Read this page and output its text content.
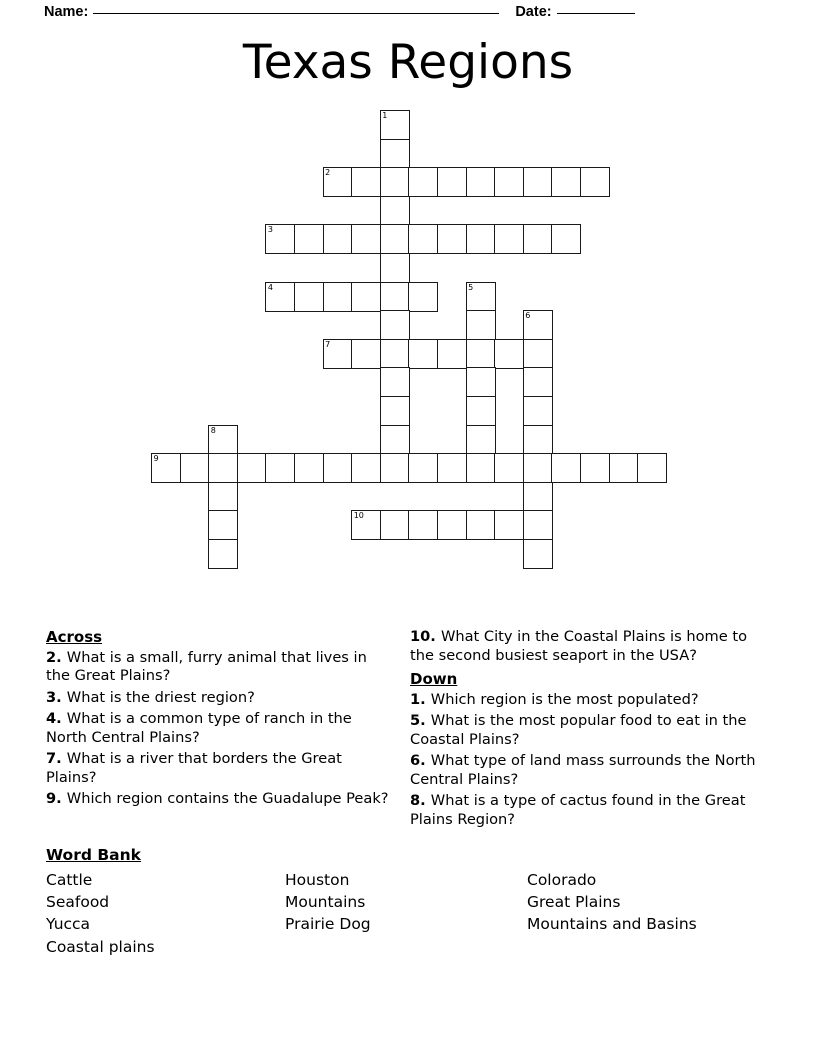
Name:	Date:
Texas Regions
1
2
3
4	5
6
7
8
9
10
Across

2. What is a small, furry animal that lives in the Great Plains?

3. What is the driest region?

4. What is a common type of ranch in the North Central Plains?

7. What is a river that borders the Great Plains?

9. Which region contains the Guadalupe Peak?

10. What City in the Coastal Plains is home to the second busiest seaport in the USA?

Down

1. Which region is the most populated?

5. What is the most popular food to eat in the Coastal Plains?

6. What type of land mass surrounds the North Central Plains?

8. What is a type of cactus found in the Great Plains Region?

Word Bank
Cattle
Seafood
Yucca
Coastal plains
Houston
Mountains
Prairie Dog
Colorado
Great Plains
Mountains and Basins
